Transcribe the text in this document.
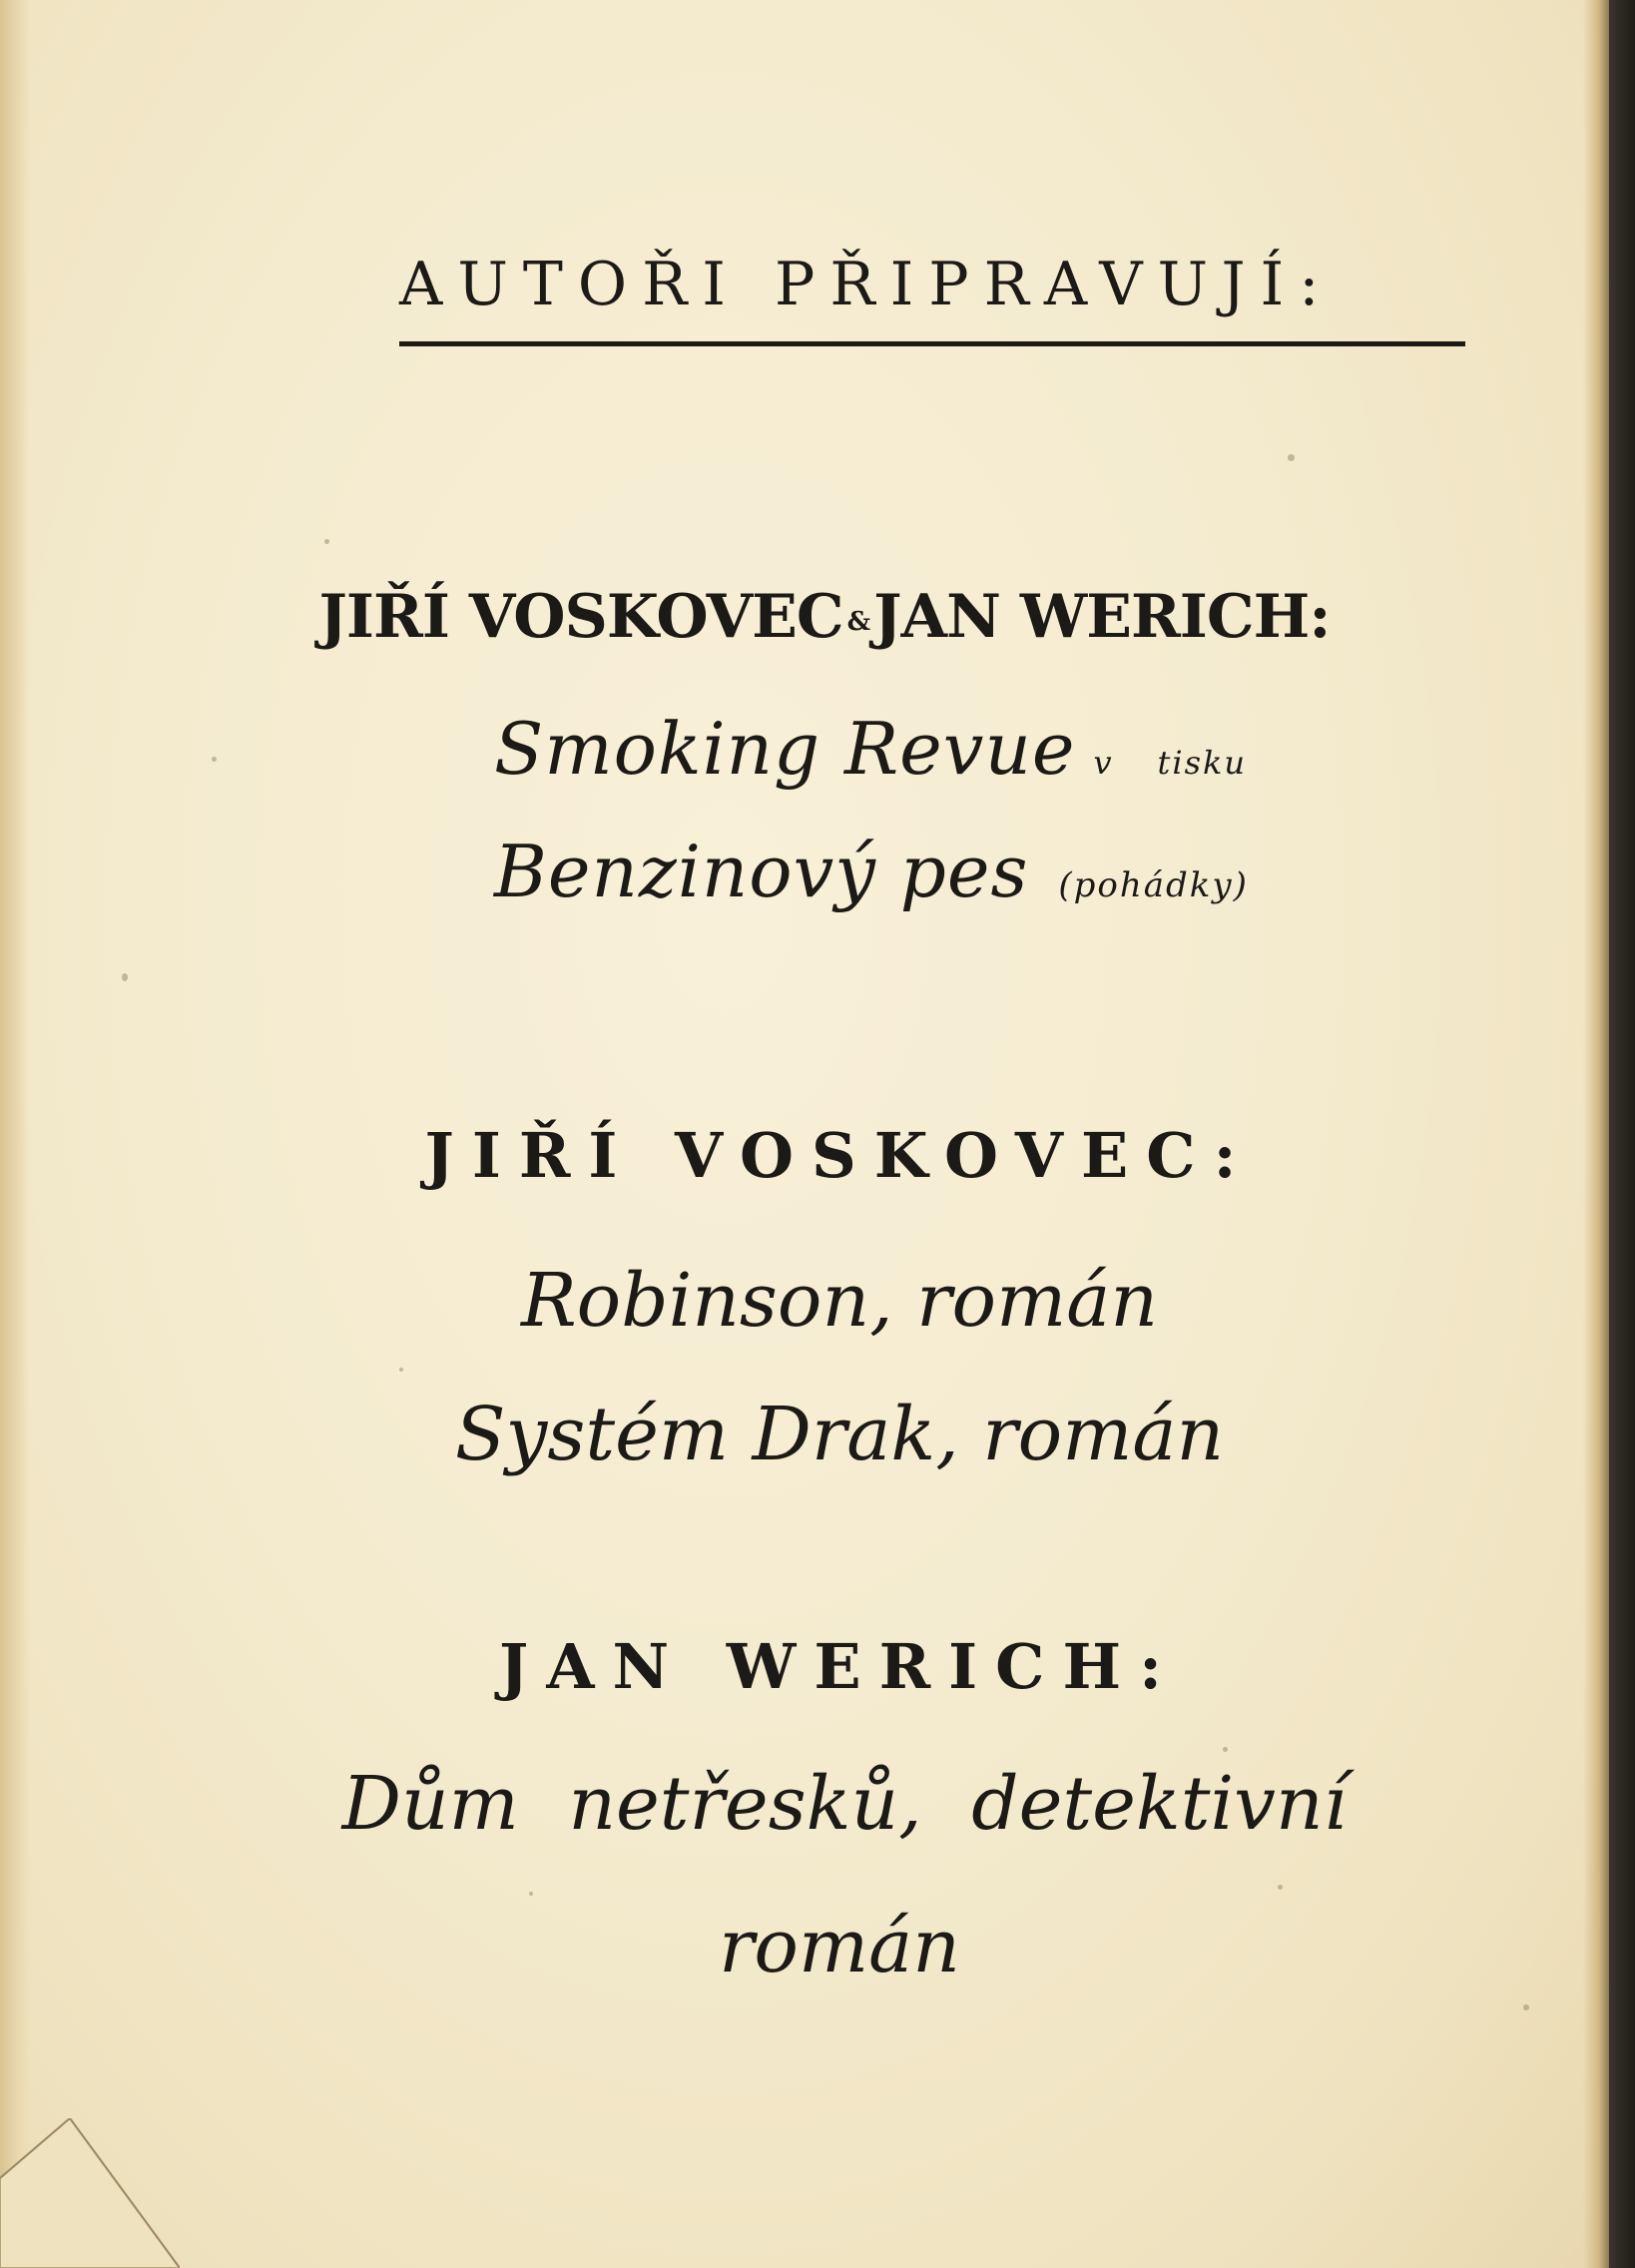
AUTOŘI PŘIPRAVUJÍ:
JIŘÍ VOSKOVEC &JAN WERICH:

Smoking Revue v tisku

Benzinový pes (pohádky)

JIŘÍ VOSKOVEC:

Robinson, román

Systém Drak, román

JAN WERICH:

Dům netřesků, detektivní

román
